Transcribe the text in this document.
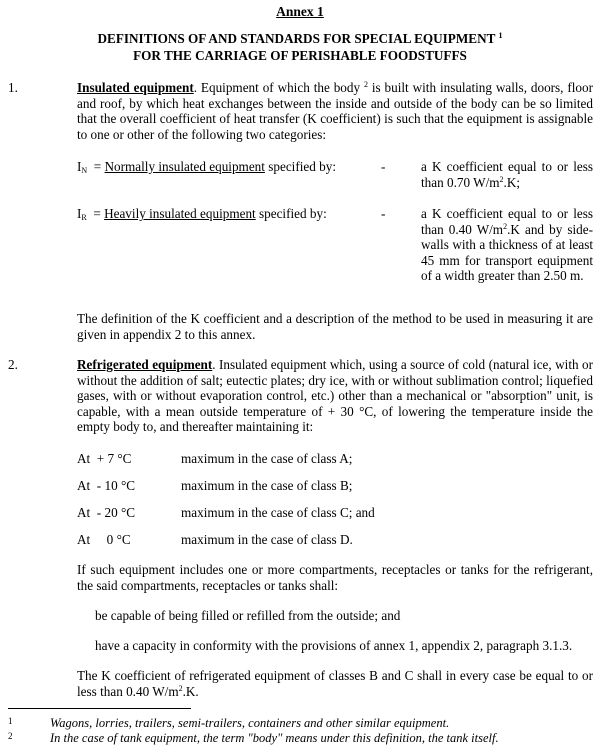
Annex 1
DEFINITIONS OF AND STANDARDS FOR SPECIAL EQUIPMENT $^1$
FOR THE CARRIAGE OF PERISHABLE FOODSTUFFS
1.	Insulated equipment. Equipment of which the body $^2$ is built with insulating walls, doors, floor and roof, by which heat exchanges between the inside and outside of the body can be so limited that the overall coefficient of heat transfer (K coefficient) is such that the equipment is assignable to one or other of the following two categories:
$I_N$ = Normally insulated equipment specified by:	-	a K coefficient equal to or less than 0.70 $W/m^2.K$;
$I_R$ = Heavily insulated equipment specified by:	-	a K coefficient equal to or less than 0.40 $W/m^2.K$ and by side-walls with a thickness of at least 45 mm for transport equipment of a width greater than 2.50 m.
The definition of the K coefficient and a description of the method to be used in measuring it are given in appendix 2 to this annex.
2.	Refrigerated equipment. Insulated equipment which, using a source of cold (natural ice, with or without the addition of salt; eutectic plates; dry ice, with or without sublimation control; liquefied gases, with or without evaporation control, etc.) other than a mechanical or "absorption" unit, is capable, with a mean outside temperature of + 30 °C, of lowering the temperature inside the empty body to, and thereafter maintaining it:
At  + 7 °C	maximum in the case of class A;
At  - 10 °C	maximum in the case of class B;
At  - 20 °C	maximum in the case of class C; and
At     0 °C	maximum in the case of class D.
If such equipment includes one or more compartments, receptacles or tanks for the refrigerant, the said compartments, receptacles or tanks shall:
be capable of being filled or refilled from the outside; and
have a capacity in conformity with the provisions of annex 1, appendix 2, paragraph 3.1.3.
The K coefficient of refrigerated equipment of classes B and C shall in every case be equal to or less than 0.40 $W/m^2.K$.
1	Wagons, lorries, trailers, semi-trailers, containers and other similar equipment.
2	In the case of tank equipment, the term "body" means under this definition, the tank itself.
